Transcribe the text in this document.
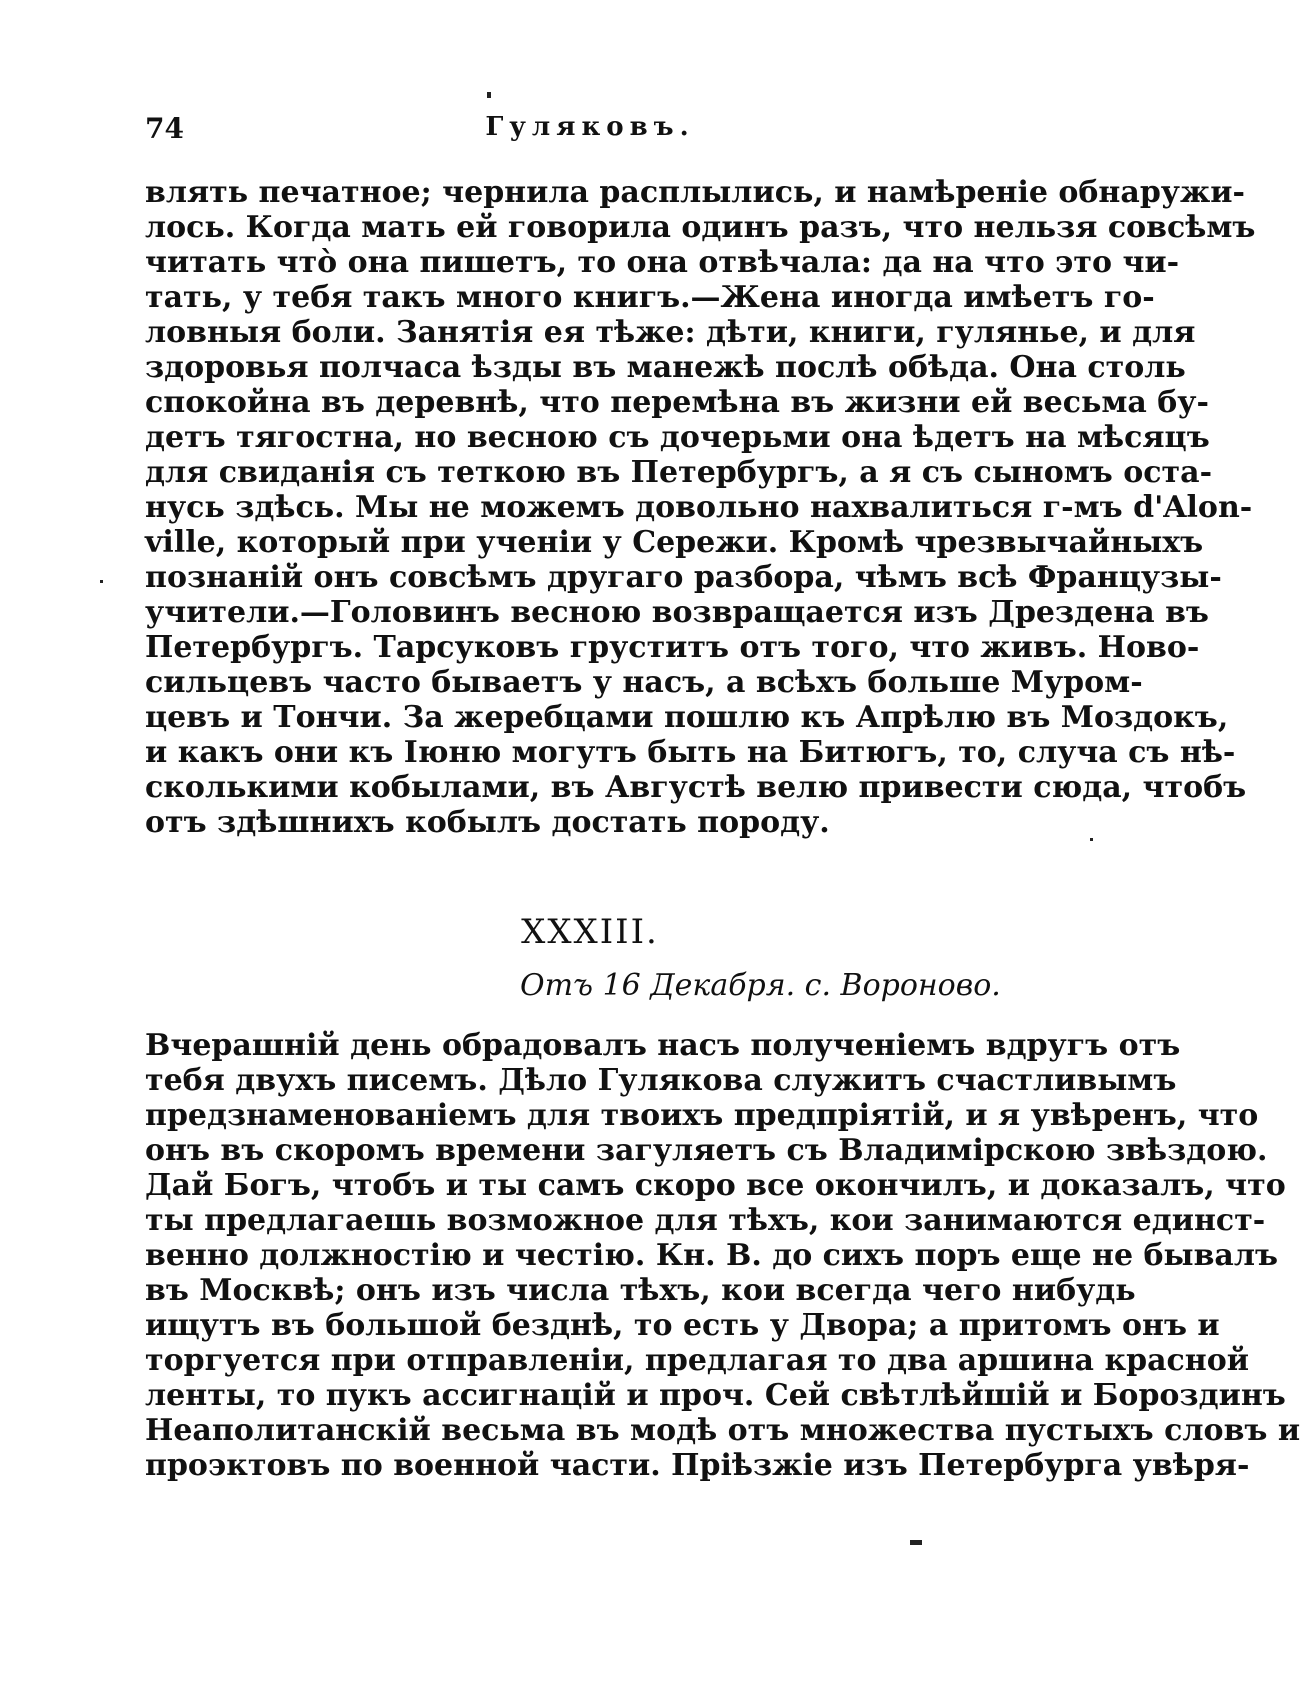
74	Гуляковъ.
влять печатное; чернила расплылись, и намѣреніе обнаружи-
лось. Когда мать ей говорила одинъ разъ, что нельзя совсѣмъ
читать чтò она пишетъ, то она отвѣчала: да на что это чи-
тать, у тебя такъ много книгъ.—Жена иногда имѣетъ го-
ловныя боли. Занятія ея тѣже: дѣти, книги, гулянье, и для
здоровья полчаса ѣзды въ манежѣ послѣ обѣда. Она столь
спокойна въ деревнѣ, что перемѣна въ жизни ей весьма бу-
детъ тягостна, но весною съ дочерьми она ѣдетъ на мѣсяцъ
для свиданія съ теткою въ Петербургъ, а я съ сыномъ оста-
нусь здѣсь. Мы не можемъ довольно нахвалиться г-мъ d'Alon-
ville, который при ученіи у Сережи. Кромѣ чрезвычайныхъ
познаній онъ совсѣмъ другаго разбора, чѣмъ всѣ Французы-
учители.—Головинъ весною возвращается изъ Дрездена въ
Петербургъ. Тарсуковъ груститъ отъ того, что живъ. Ново-
сильцевъ часто бываетъ у насъ, а всѣхъ больше Муром-
цевъ и Тончи. За жеребцами пошлю къ Апрѣлю въ Моздокъ,
и какъ они къ Іюню могутъ быть на Битюгъ, то, случа съ нѣ-
сколькими кобылами, въ Августѣ велю привести сюда, чтобъ
отъ здѣшнихъ кобылъ достать породу.
XXXIII.
Отъ 16 Декабря. с. Вороново.
Вчерашній день обрадовалъ насъ полученіемъ вдругъ отъ
тебя двухъ писемъ. Дѣло Гулякова служитъ счастливымъ
предзнаменованіемъ для твоихъ предпріятій, и я увѣренъ, что
онъ въ скоромъ времени загуляетъ съ Владимірскою звѣздою.
Дай Богъ, чтобъ и ты самъ скоро все окончилъ, и доказалъ, что
ты предлагаешь возможное для тѣхъ, кои занимаются единст-
венно должностію и честію. Кн. В. до сихъ поръ еще не бывалъ
въ Москвѣ; онъ изъ числа тѣхъ, кои всегда чего нибудь
ищутъ въ большой безднѣ, то есть у Двора; а притомъ онъ и
торгуется при отправленіи, предлагая то два аршина красной
ленты, то пукъ ассигнацій и проч. Сей свѣтлѣйшій и Бороздинъ
Неаполитанскій весьма въ модѣ отъ множества пустыхъ словъ и
проэктовъ по военной части. Пріѣзжіе изъ Петербурга увѣря-
